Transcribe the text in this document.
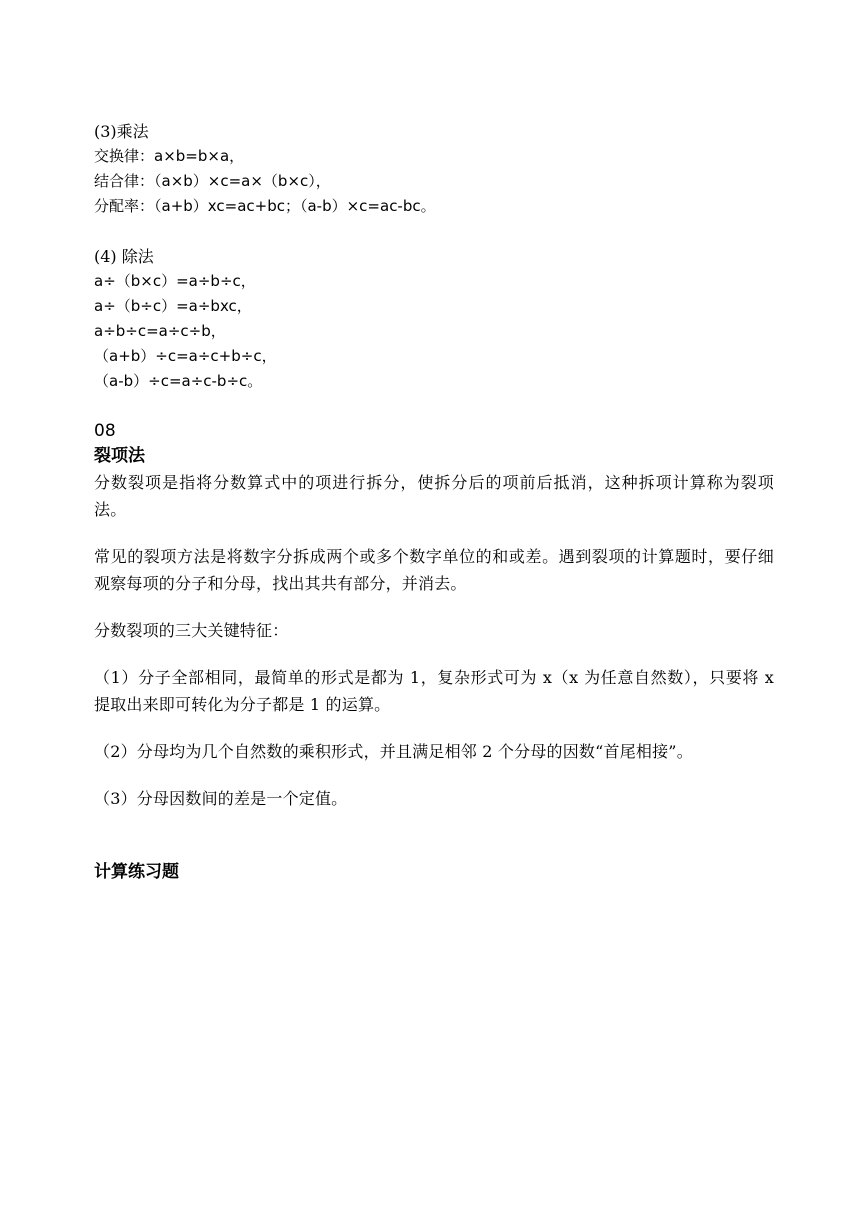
(3)乘法
交换律：a×b=b×a，
结合律：（a×b）×c=a×（b×c），
分配率：（a+b）xc=ac+bc；（a-b）×c=ac-bc。
(4) 除法
a÷（b×c）=a÷b÷c，
a÷（b÷c）=a÷bxc，
a÷b÷c=a÷c÷b，
（a+b）÷c=a÷c+b÷c，
（a-b）÷c=a÷c-b÷c。
08
裂项法
分数裂项是指将分数算式中的项进行拆分，使拆分后的项前后抵消，这种拆项计算称为裂项法。
常见的裂项方法是将数字分拆成两个或多个数字单位的和或差。遇到裂项的计算题时，要仔细观察每项的分子和分母，找出其共有部分，并消去。
分数裂项的三大关键特征：
（1）分子全部相同，最简单的形式是都为 1，复杂形式可为 x（x 为任意自然数），只要将 x 提取出来即可转化为分子都是 1 的运算。
（2）分母均为几个自然数的乘积形式，并且满足相邻 2 个分母的因数“首尾相接”。
（3）分母因数间的差是一个定值。
计算练习题
